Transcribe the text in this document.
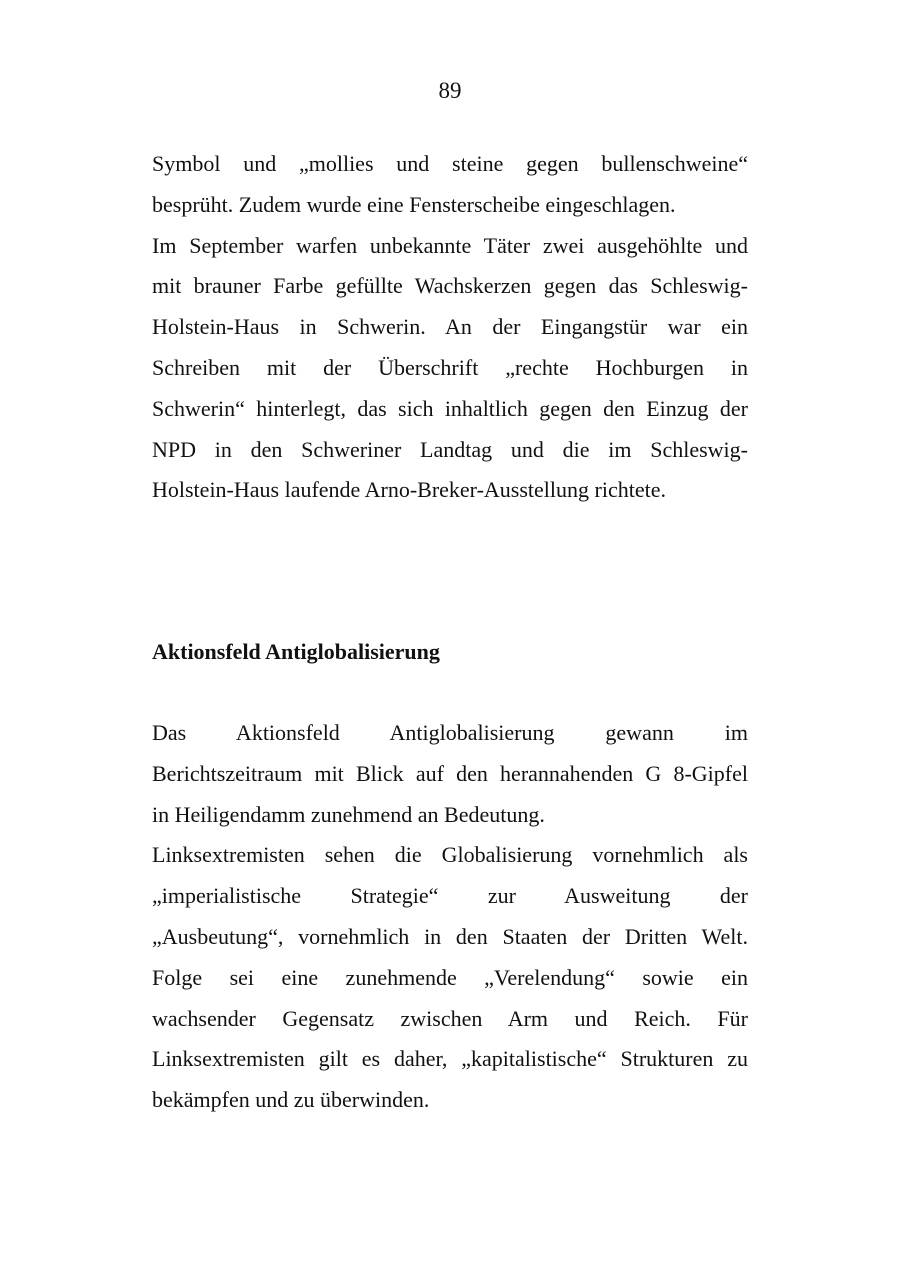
89
Symbol und „mollies und steine gegen bullenschweine“
besprüht. Zudem wurde eine Fensterscheibe eingeschlagen.
Im September warfen unbekannte Täter zwei ausgehöhlte und
mit brauner Farbe gefüllte Wachskerzen gegen das Schleswig-
Holstein-Haus in Schwerin. An der Eingangstür war ein
Schreiben mit der Überschrift „rechte Hochburgen in
Schwerin“ hinterlegt, das sich inhaltlich gegen den Einzug der
NPD in den Schweriner Landtag und die im Schleswig-
Holstein-Haus laufende Arno-Breker-Ausstellung richtete.
Aktionsfeld Antiglobalisierung
Das Aktionsfeld Antiglobalisierung gewann im
Berichtszeitraum mit Blick auf den herannahenden G 8-Gipfel
in Heiligendamm zunehmend an Bedeutung.
Linksextremisten sehen die Globalisierung vornehmlich als
„imperialistische Strategie“ zur Ausweitung der
„Ausbeutung“, vornehmlich in den Staaten der Dritten Welt.
Folge sei eine zunehmende „Verelendung“ sowie ein
wachsender Gegensatz zwischen Arm und Reich. Für
Linksextremisten gilt es daher, „kapitalistische“ Strukturen zu
bekämpfen und zu überwinden.
